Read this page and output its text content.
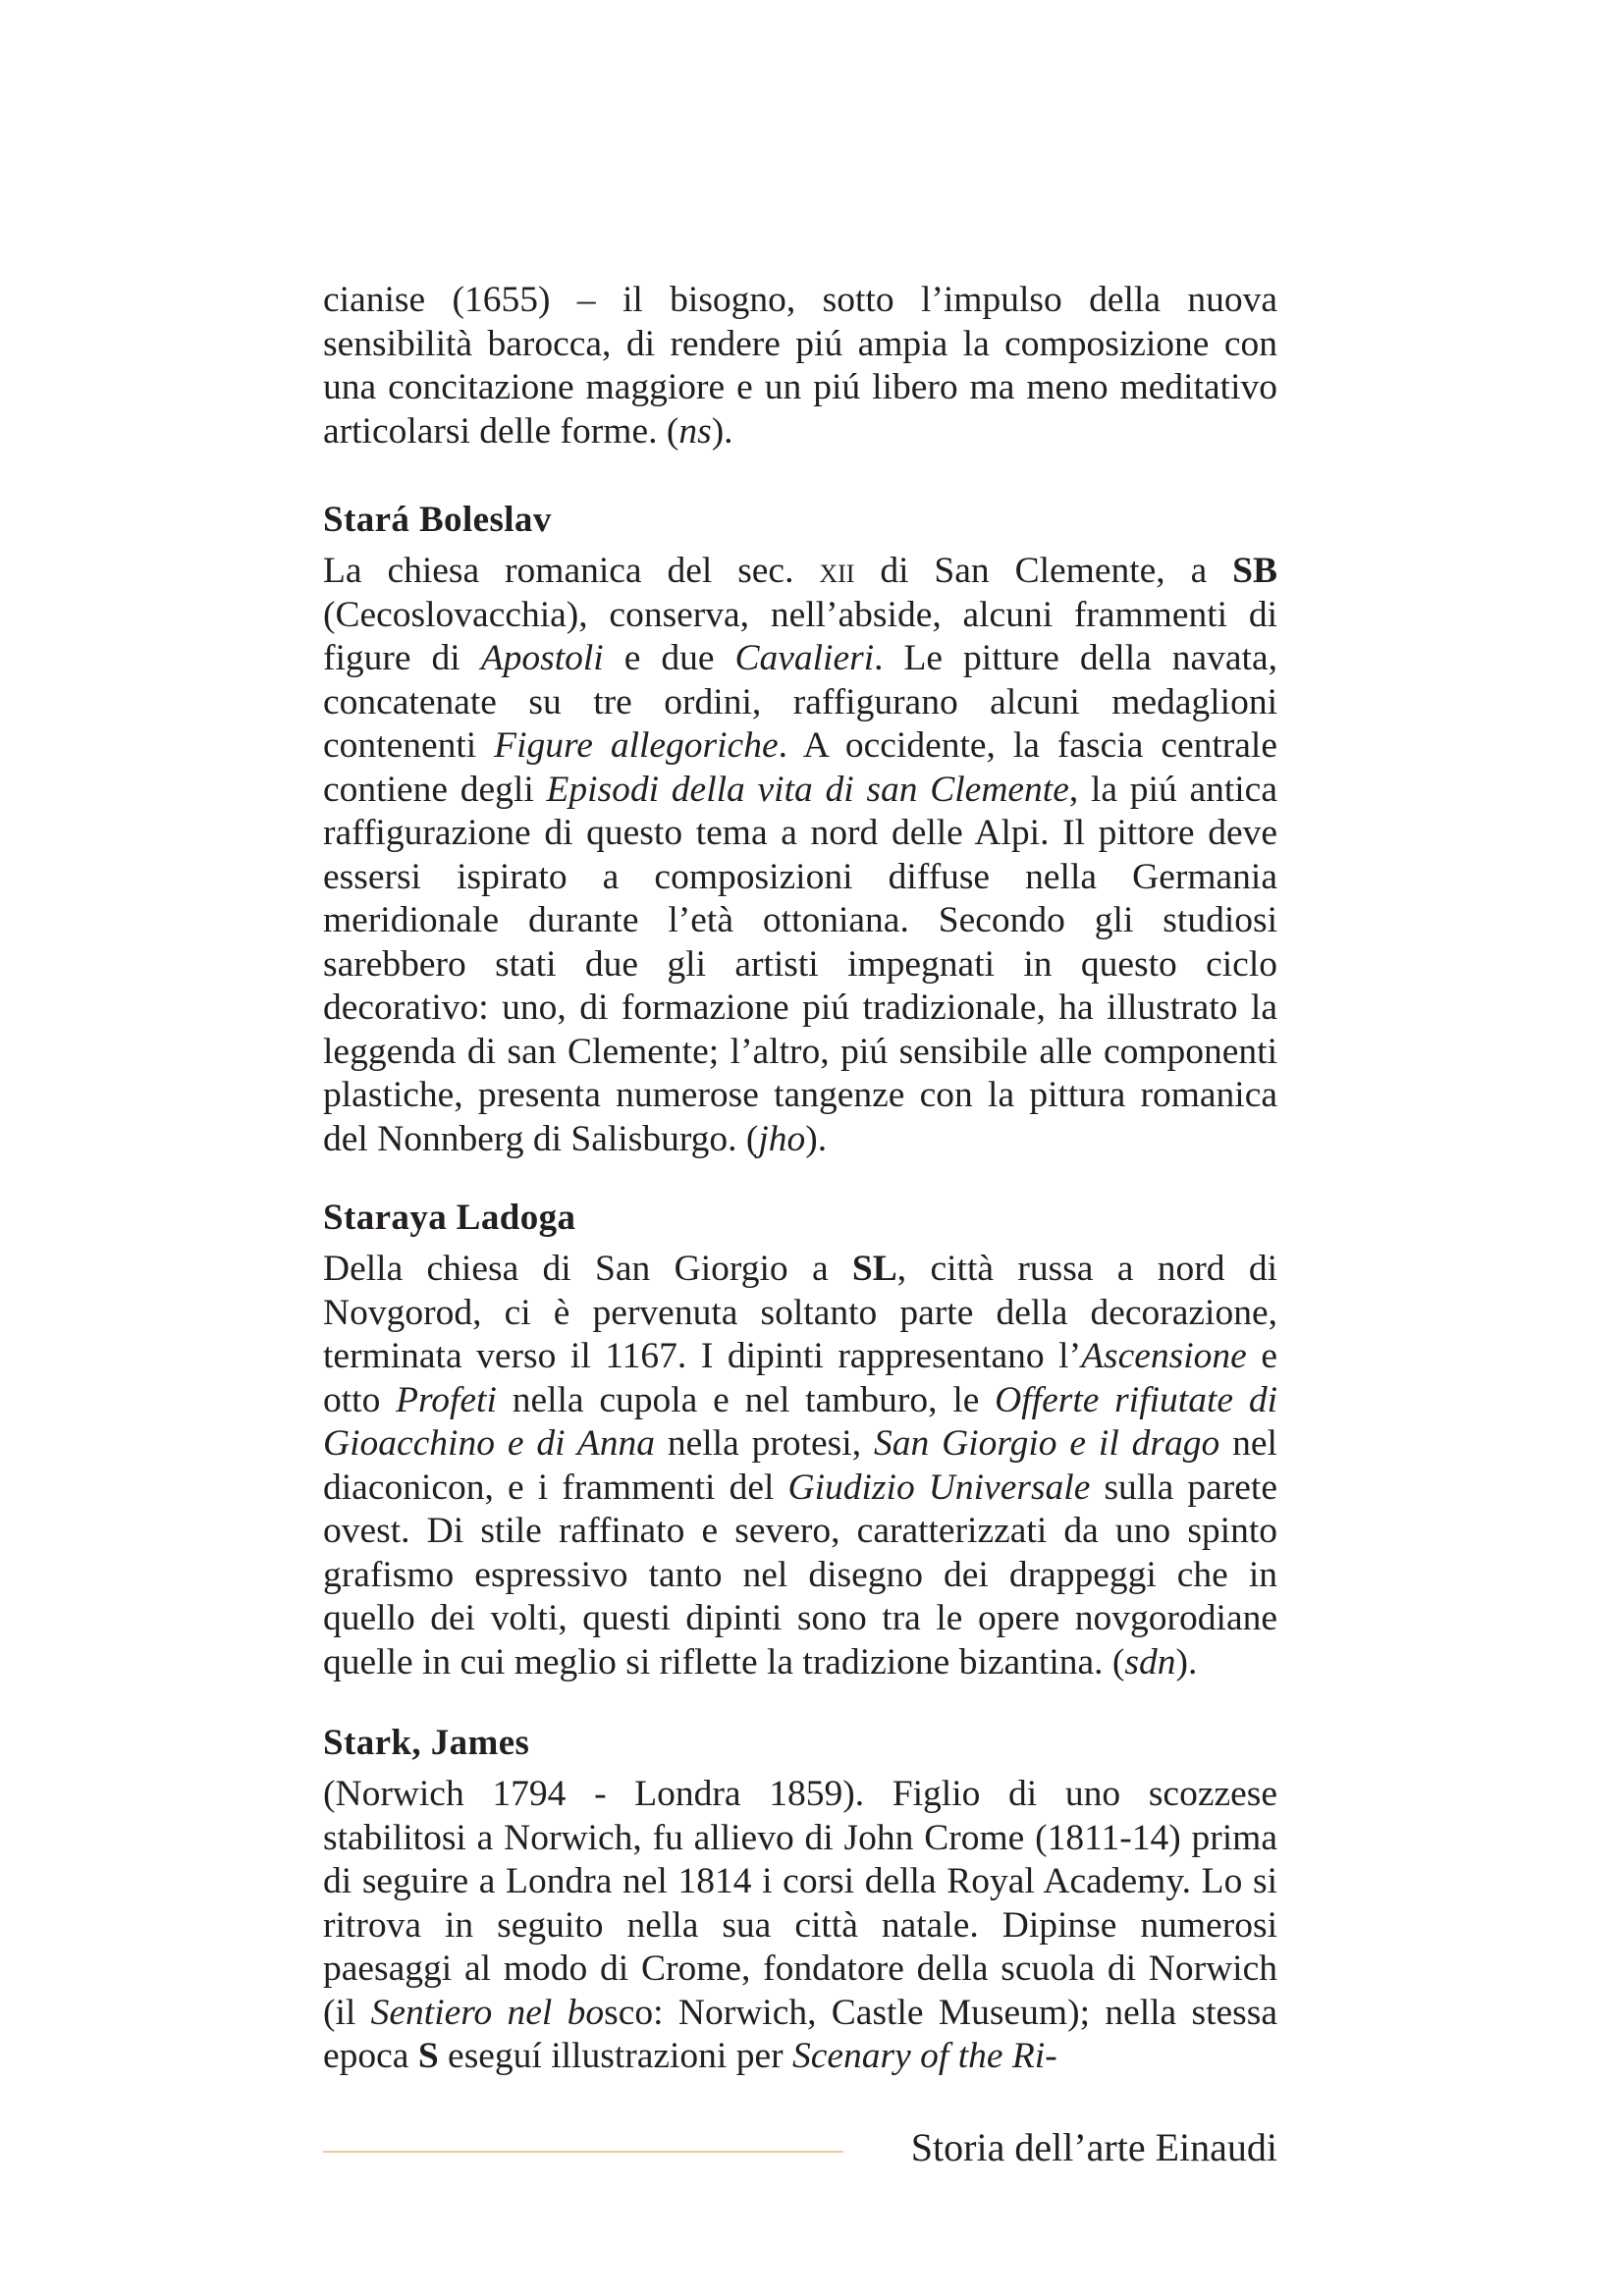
cianise (1655) – il bisogno, sotto l’impulso della nuova sensibilità barocca, di rendere piú ampia la composizione con una concitazione maggiore e un piú libero ma meno meditativo articolarsi delle forme. (ns).

Stará Boleslav

La chiesa romanica del sec. xii di San Clemente, a SB (Cecoslovacchia), conserva, nell’abside, alcuni frammenti di figure di Apostoli e due Cavalieri. Le pitture della navata, concatenate su tre ordini, raffigurano alcuni medaglioni contenenti Figure allegoriche. A occidente, la fascia centrale contiene degli Episodi della vita di san Clemente, la piú antica raffigurazione di questo tema a nord delle Alpi. Il pittore deve essersi ispirato a composizioni diffuse nella Germania meridionale durante l’età ottoniana. Secondo gli studiosi sarebbero stati due gli artisti impegnati in questo ciclo decorativo: uno, di formazione piú tradizionale, ha illustrato la leggenda di san Clemente; l’altro, piú sensibile alle componenti plastiche, presenta numerose tangenze con la pittura romanica del Nonnberg di Salisburgo. (jho).

Staraya Ladoga

Della chiesa di San Giorgio a SL, città russa a nord di Novgorod, ci è pervenuta soltanto parte della decorazione, terminata verso il 1167. I dipinti rappresentano l’Ascensione e otto Profeti nella cupola e nel tamburo, le Offerte rifiutate di Gioacchino e di Anna nella protesi, San Giorgio e il drago nel diaconicon, e i frammenti del Giudizio Universale sulla parete ovest. Di stile raffinato e severo, caratterizzati da uno spinto grafismo espressivo tanto nel disegno dei drappeggi che in quello dei volti, questi dipinti sono tra le opere novgorodiane quelle in cui meglio si riflette la tradizione bizantina. (sdn).

Stark, James

(Norwich 1794 - Londra 1859). Figlio di uno scozzese stabilitosi a Norwich, fu allievo di John Crome (1811-14) prima di seguire a Londra nel 1814 i corsi della Royal Academy. Lo si ritrova in seguito nella sua città natale. Dipinse numerosi paesaggi al modo di Crome, fondatore della scuola di Norwich (il Sentiero nel bosco: Norwich, Castle Museum); nella stessa epoca S eseguí illustrazioni per Scenary of the Ri-

Storia dell’arte Einaudi
